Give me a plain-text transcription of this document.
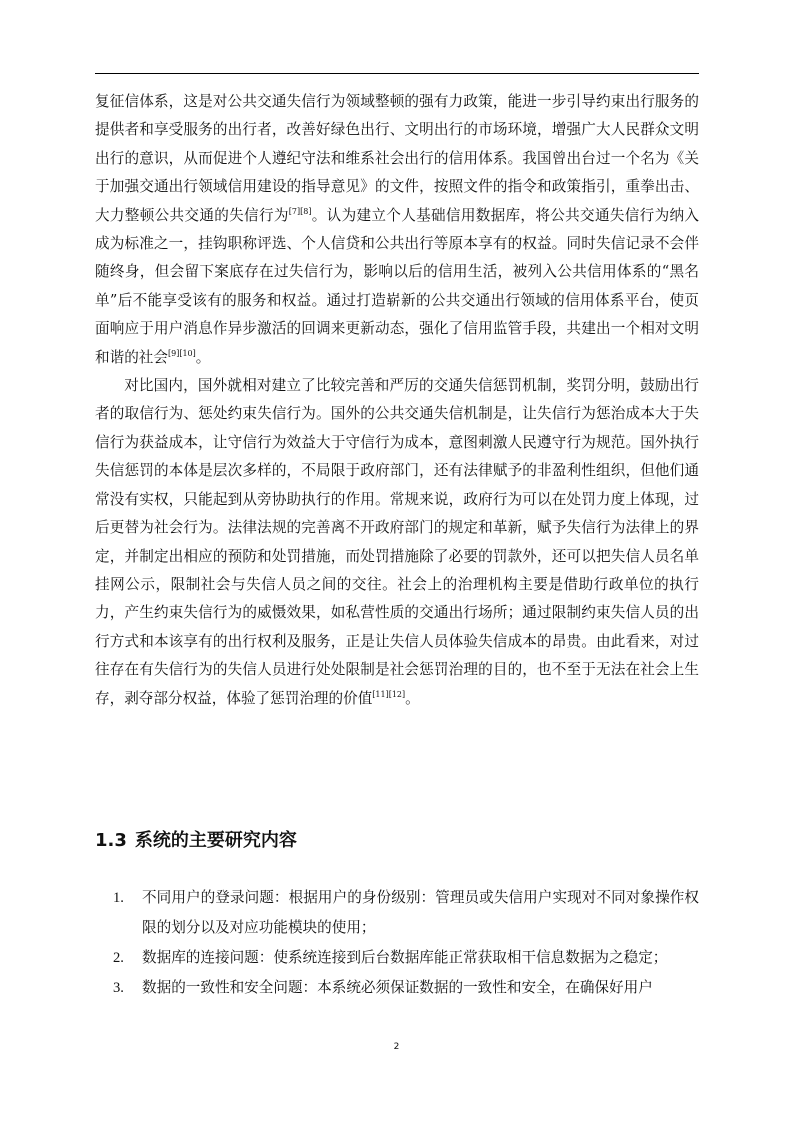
复征信体系，这是对公共交通失信行为领域整顿的强有力政策，能进一步引导约束出行服务的提供者和享受服务的出行者，改善好绿色出行、文明出行的市场环境，增强广大人民群众文明出行的意识，从而促进个人遵纪守法和维系社会出行的信用体系。我国曾出台过一个名为《关于加强交通出行领域信用建设的指导意见》的文件，按照文件的指令和政策指引，重拳出击、大力整顿公共交通的失信行为[7][8]。认为建立个人基础信用数据库，将公共交通失信行为纳入成为标准之一，挂钩职称评选、个人信贷和公共出行等原本享有的权益。同时失信记录不会伴随终身，但会留下案底存在过失信行为，影响以后的信用生活，被列入公共信用体系的“黑名单”后不能享受该有的服务和权益。通过打造崭新的公共交通出行领域的信用体系平台，使页面响应于用户消息作异步激活的回调来更新动态，强化了信用监管手段，共建出一个相对文明和谐的社会[9][10]。

对比国内，国外就相对建立了比较完善和严厉的交通失信惩罚机制，奖罚分明，鼓励出行者的取信行为、惩处约束失信行为。国外的公共交通失信机制是，让失信行为惩治成本大于失信行为获益成本，让守信行为效益大于守信行为成本，意图刺激人民遵守行为规范。国外执行失信惩罚的本体是层次多样的，不局限于政府部门，还有法律赋予的非盈利性组织，但他们通常没有实权，只能起到从旁协助执行的作用。常规来说，政府行为可以在处罚力度上体现，过后更替为社会行为。法律法规的完善离不开政府部门的规定和革新，赋予失信行为法律上的界定，并制定出相应的预防和处罚措施，而处罚措施除了必要的罚款外，还可以把失信人员名单挂网公示，限制社会与失信人员之间的交往。社会上的治理机构主要是借助行政单位的执行力，产生约束失信行为的威慑效果，如私营性质的交通出行场所；通过限制约束失信人员的出行方式和本该享有的出行权利及服务，正是让失信人员体验失信成本的昂贵。由此看来，对过往存在有失信行为的失信人员进行处处限制是社会惩罚治理的目的，也不至于无法在社会上生存，剥夺部分权益，体验了惩罚治理的价值[11][12]。

1.3 系统的主要研究内容
1. 不同用户的登录问题：根据用户的身份级别：管理员或失信用户实现对不同对象操作权限的划分以及对应功能模块的使用；
2. 数据库的连接问题：使系统连接到后台数据库能正常获取相干信息数据为之稳定；
3. 数据的一致性和安全问题：本系统必须保证数据的一致性和安全，在确保好用户
2
